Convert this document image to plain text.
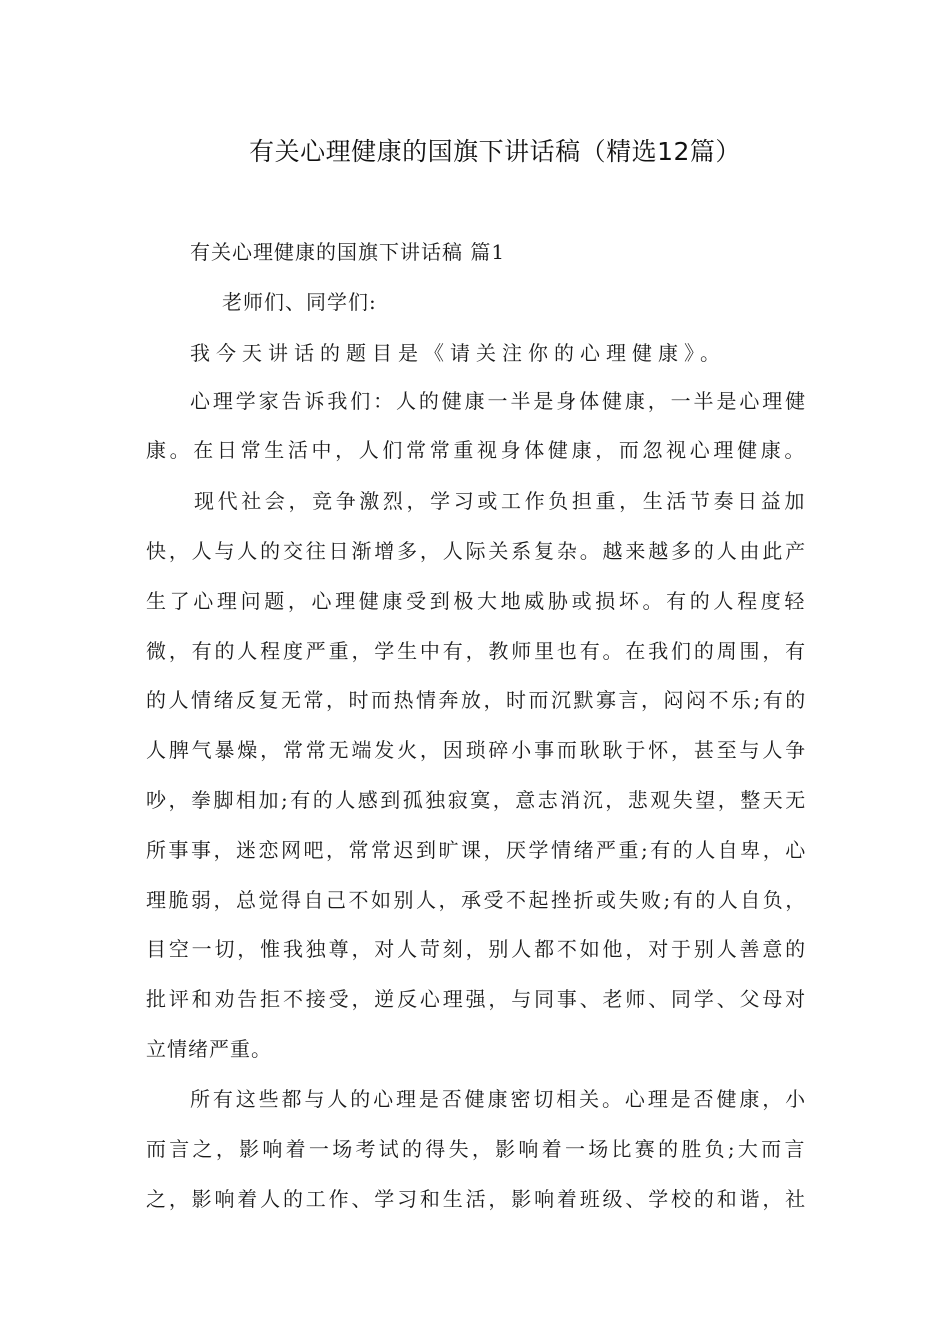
有关心理健康的国旗下讲话稿（精选12篇）
有关心理健康的国旗下讲话稿 篇1
老师们、同学们:
我今天讲话的题目是《请关注你的心理健康》。
心理学家告诉我们：人的健康一半是身体健康，一半是心理健
康。在日常生活中，人们常常重视身体健康，而忽视心理健康。
现代社会，竞争激烈，学习或工作负担重，生活节奏日益加
快，人与人的交往日渐增多，人际关系复杂。越来越多的人由此产
生了心理问题，心理健康受到极大地威胁或损坏。有的人程度轻
微，有的人程度严重，学生中有，教师里也有。在我们的周围，有
的人情绪反复无常，时而热情奔放，时而沉默寡言，闷闷不乐;有的
人脾气暴燥，常常无端发火，因琐碎小事而耿耿于怀，甚至与人争
吵，拳脚相加;有的人感到孤独寂寞，意志消沉，悲观失望，整天无
所事事，迷恋网吧，常常迟到旷课，厌学情绪严重;有的人自卑，心
理脆弱，总觉得自己不如别人，承受不起挫折或失败;有的人自负，
目空一切，惟我独尊，对人苛刻，别人都不如他，对于别人善意的
批评和劝告拒不接受，逆反心理强，与同事、老师、同学、父母对
立情绪严重。
所有这些都与人的心理是否健康密切相关。心理是否健康，小
而言之，影响着一场考试的得失，影响着一场比赛的胜负;大而言
之，影响着人的工作、学习和生活，影响着班级、学校的和谐，社
